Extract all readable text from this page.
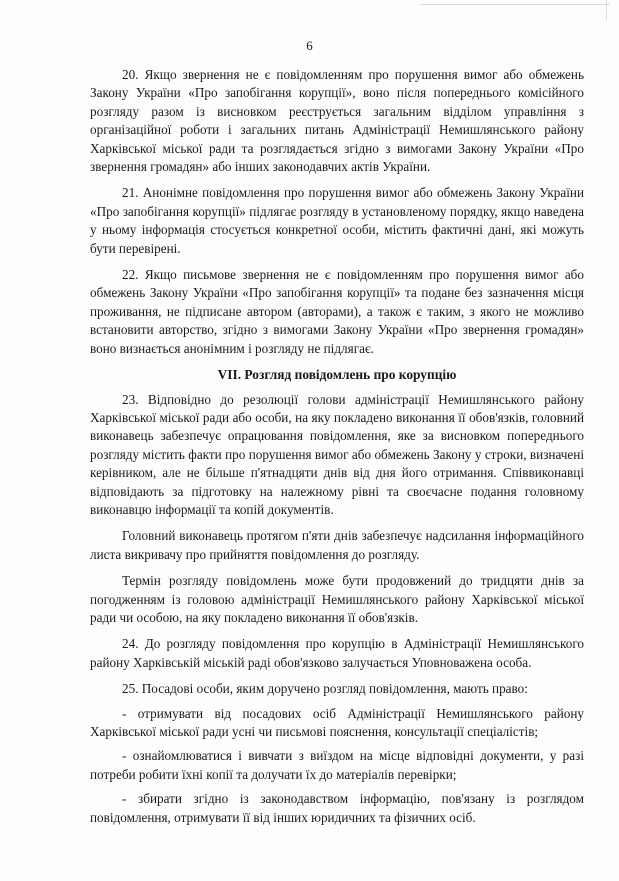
6

20. Якщо звернення не є повідомленням про порушення вимог або обмежень Закону України «Про запобігання корупції», воно після попереднього комісійного розгляду разом із висновком реєструється загальним відділом управління з організаційної роботи і загальних питань Адміністрації Немишлянського району Харківської міської ради та розглядається згідно з вимогами Закону України «Про звернення громадян» або інших законодавчих актів України.

21. Анонімне повідомлення про порушення вимог або обмежень Закону України «Про запобігання корупції» підлягає розгляду в установленому порядку, якщо наведена у ньому інформація стосується конкретної особи, містить фактичні дані, які можуть бути перевірені.

22. Якщо письмове звернення не є повідомленням про порушення вимог або обмежень Закону України «Про запобігання корупції» та подане без зазначення місця проживання, не підписане автором (авторами), а також є таким, з якого не можливо встановити авторство, згідно з вимогами Закону України «Про звернення громадян» воно визнається анонімним і розгляду не підлягає.

VII. Розгляд повідомлень про корупцію

23. Відповідно до резолюції голови адміністрації Немишлянського району Харківської міської ради або особи, на яку покладено виконання її обов'язків, головний виконавець забезпечує опрацювання повідомлення, яке за висновком попереднього розгляду містить факти про порушення вимог або обмежень Закону у строки, визначені керівником, але не більше п'ятнадцяти днів від дня його отримання. Співвиконавці відповідають за підготовку на належному рівні та своєчасне подання головному виконавцю інформації та копій документів.

Головний виконавець протягом п'яти днів забезпечує надсилання інформаційного листа викривачу про прийняття повідомлення до розгляду.

Термін розгляду повідомлень може бути продовжений до тридцяти днів за погодженням із головою адміністрації Немишлянського району Харківської міської ради чи особою, на яку покладено виконання її обов'язків.

24. До розгляду повідомлення про корупцію в Адміністрації Немишлянського району Харківській міській раді обов'язково залучається Уповноважена особа.

25. Посадові особи, яким доручено розгляд повідомлення, мають право:

- отримувати від посадових осіб Адміністрації Немишлянського району Харківської міської ради усні чи письмові пояснення, консультації спеціалістів;

- ознайомлюватися і вивчати з виїздом на місце відповідні документи, у разі потреби робити їхні копії та долучати їх до матеріалів перевірки;

- збирати згідно із законодавством інформацію, пов'язану із розглядом повідомлення, отримувати її від інших юридичних та фізичних осіб.
